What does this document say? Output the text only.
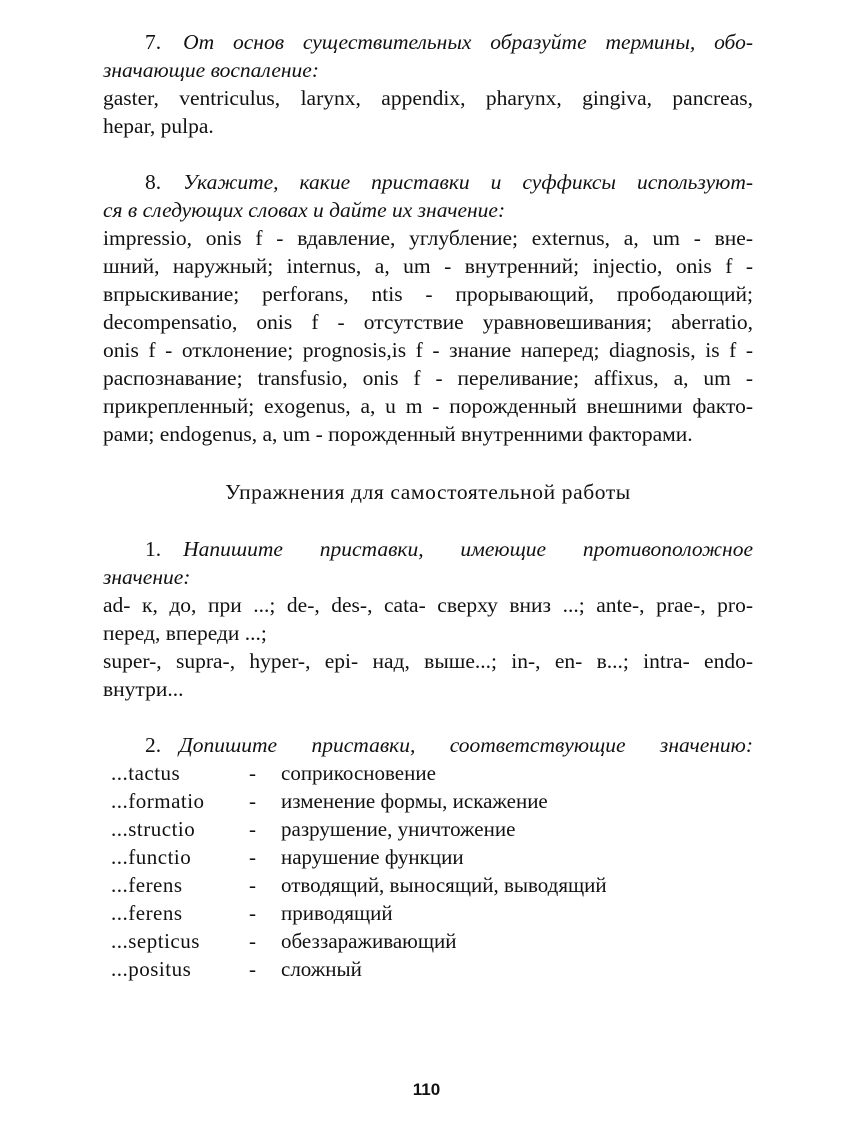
7. От основ существительных образуйте термины, обо-
значающие воспаление:
gaster, ventriculus, larynx, appendix, pharynx, gingiva, pancreas,
hepar, pulpa.
8. Укажите, какие приставки и суффиксы используют-
ся в следующих словах и дайте их значение:
impressio, onis f - вдавление, углубление; externus, a, um - вне-
шний, наружный; internus, a, um - внутренний; injectio, onis f -
впрыскивание; perforans, ntis - прорывающий, прободающий;
decompensatio, onis f - отсутствие уравновешивания; aberratio,
onis f - отклонение; prognosis,is f - знание наперед; diagnosis, is f -
распознавание; transfusio, onis f - переливание; affixus, a, um -
прикрепленный; exogenus, a, u m - порожденный внешними факто-
рами; endogenus, a, um - порожденный внутренними факторами.
Упражнения для самостоятельной работы
1. Напишите приставки, имеющие противоположное
значение:
ad- к, до, при ...; de-, des-, cata- сверху вниз ...; ante-, prae-, pro-
перед, впереди ...;
super-, supra-, hyper-, epi- над, выше...; in-, en- в...; intra- endo-
внутри...
2. Допишите приставки, соответствующие значению:
...tactus	-	соприкосновение
...formatio	-	изменение формы, искажение
...structio	-	разрушение, уничтожение
...functio	-	нарушение функции
...ferens	-	отводящий, выносящий, выводящий
...ferens	-	приводящий
...septicus	-	обеззараживающий
...positus	-	сложный
110
